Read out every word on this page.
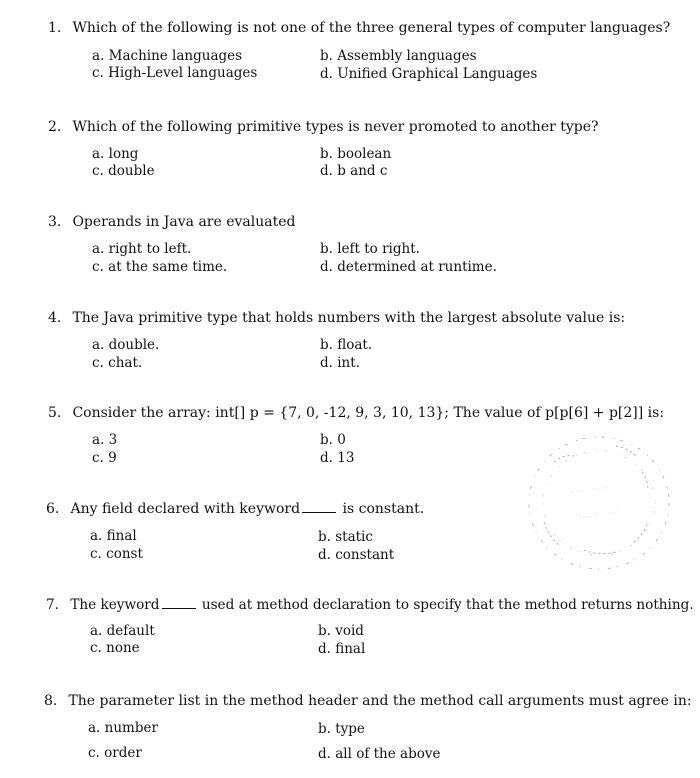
1. Which of the following is not one of the three general types of computer languages?
a. Machine languages	b. Assembly languages
c. High-Level languages	d. Unified Graphical Languages
2. Which of the following primitive types is never promoted to another type?
a. long	b. boolean
c. double	d. b and c
3. Operands in Java are evaluated
a. right to left.	b. left to right.
c. at the same time.	d. determined at runtime.
4. The Java primitive type that holds numbers with the largest absolute value is:
a. double.	b. float.
c. chat.	d. int.
5. Consider the array: int[] p = {7, 0, -12, 9, 3, 10, 13}; The value of p[p[6] + p[2]] is:
a. 3	b. 0
c. 9	d. 13
6. Any field declared with keyword	is constant.
a. final	b. static
c. const	d. constant
7. The keyword	used at method declaration to specify that the method returns nothing.
a. default	b. void
c. none	d. final
8. The parameter list in the method header and the method call arguments must agree in:
a. number	b. type
c. order	d. all of the above
